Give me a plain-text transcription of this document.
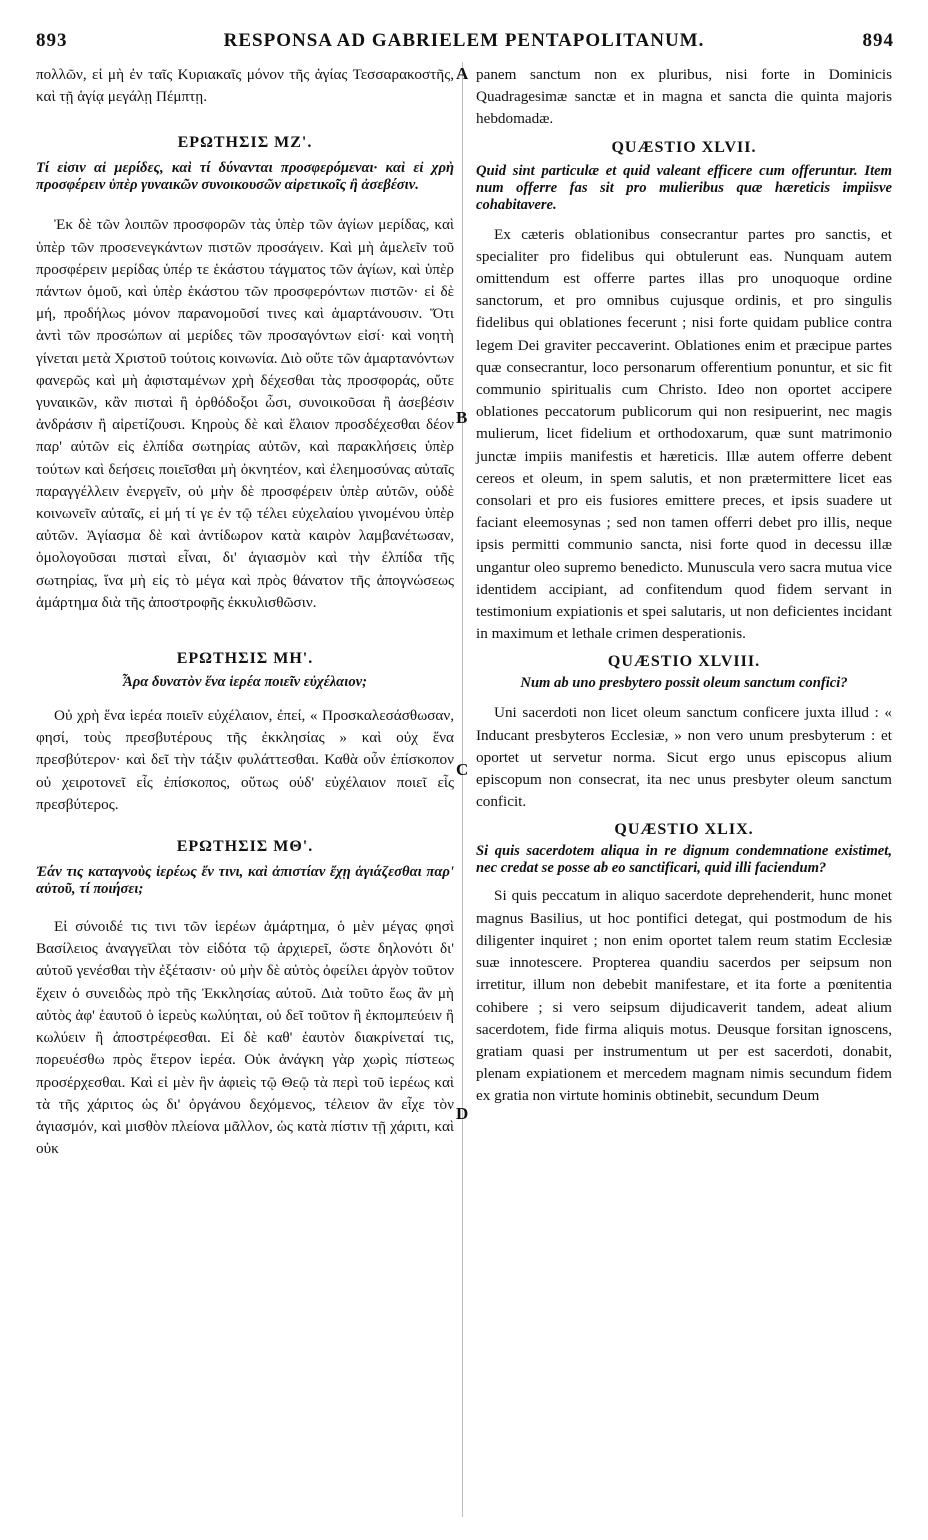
893	RESPONSA AD GABRIELEM PENTAPOLITANUM.	894
A
B
C
D

πολλῶν, εἰ μὴ ἐν ταῖς Κυριακαῖς μόνον τῆς ἁγίας Τεσσαρακοστῆς, καὶ τῇ ἁγίᾳ μεγάλῃ Πέμπτῃ.

ΕΡΩΤΗΣΙΣ ΜΖ'.

Τί εἰσιν αἱ μερίδες, καὶ τί δύνανται προσφερόμεναι· καὶ εἰ χρὴ προσφέρειν ὑπὲρ γυναικῶν συνοικουσῶν αἱρετικοῖς ἢ ἀσεβέσιν.

Ἐκ δὲ τῶν λοιπῶν προσφορῶν τὰς ὑπὲρ τῶν ἁγίων μερίδας, καὶ ὑπὲρ τῶν προσενεγκάντων πιστῶν προσάγειν. Καὶ μὴ ἀμελεῖν τοῦ προσφέρειν μερίδας ὑπέρ τε ἑκάστου τάγματος τῶν ἁγίων, καὶ ὑπὲρ πάντων ὁμοῦ, καὶ ὑπὲρ ἑκάστου τῶν προσφερόντων πιστῶν· εἰ δὲ μή, προδήλως μόνον παρανομοῦσί τινες καὶ ἁμαρτάνουσιν. Ὅτι ἀντὶ τῶν προσώπων αἱ μερίδες τῶν προσαγόντων εἰσί· καὶ νοητὴ γίνεται μετὰ Χριστοῦ τούτοις κοινωνία. Διὸ οὔτε τῶν ἁμαρτανόντων φανερῶς καὶ μὴ ἀφισταμένων χρὴ δέχεσθαι τὰς προσφοράς, οὔτε γυναικῶν, κἂν πισταὶ ἢ ὀρθόδοξοι ὦσι, συνοικοῦσαι ἢ ἀσεβέσιν ἀνδράσιν ἢ αἱρετίζουσι. Κηροὺς δὲ καὶ ἔλαιον προσδέχεσθαι δέον παρ' αὐτῶν εἰς ἐλπίδα σωτηρίας αὐτῶν, καὶ παρακλήσεις ὑπὲρ τούτων καὶ δεήσεις ποιεῖσθαι μὴ ὀκνητέον, καὶ ἐλεημοσύνας αὐταῖς παραγγέλλειν ἐνεργεῖν, οὐ μὴν δὲ προσφέρειν ὑπὲρ αὐτῶν, οὐδὲ κοινωνεῖν αὐταῖς, εἰ μή τί γε ἐν τῷ τέλει εὐχελαίου γινομένου ὑπὲρ αὐτῶν. Ἁγίασμα δὲ καὶ ἀντίδωρον κατὰ καιρὸν λαμβανέτωσαν, ὁμολογοῦσαι πισταὶ εἶναι, δι' ἁγιασμὸν καὶ τὴν ἐλπίδα τῆς σωτηρίας, ἵνα μὴ εἰς τὸ μέγα καὶ πρὸς θάνατον τῆς ἀπογνώσεως ἁμάρτημα διὰ τῆς ἀποστροφῆς ἐκκυλισθῶσιν.

ΕΡΩΤΗΣΙΣ ΜΗ'.

Ἆρα δυνατὸν ἕνα ἱερέα ποιεῖν εὐχέλαιον;

Οὐ χρὴ ἕνα ἱερέα ποιεῖν εὐχέλαιον, ἐπεί, « Προσκαλεσάσθωσαν, φησί, τοὺς πρεσβυτέρους τῆς ἐκκλησίας » καὶ οὐχ ἕνα πρεσβύτερον· καὶ δεῖ τὴν τάξιν φυλάττεσθαι. Καθὰ οὖν ἐπίσκοπον οὐ χειροτονεῖ εἷς ἐπίσκοπος, οὕτως οὐδ' εὐχέλαιον ποιεῖ εἷς πρεσβύτερος.

ΕΡΩΤΗΣΙΣ ΜΘ'.

Ἐάν τις καταγνοὺς ἱερέως ἔν τινι, καὶ ἀπιστίαν ἔχῃ ἁγιάζεσθαι παρ' αὐτοῦ, τί ποιήσει;

Εἰ σύνοιδέ τις τινι τῶν ἱερέων ἁμάρτημα, ὁ μὲν μέγας φησὶ Βασίλειος ἀναγγεῖλαι τὸν εἰδότα τῷ ἀρχιερεῖ, ὥστε δηλονότι δι' αὐτοῦ γενέσθαι τὴν ἐξέτασιν· οὐ μὴν δὲ αὐτὸς ὀφείλει ἀργὸν τοῦτον ἔχειν ὁ συνειδὼς πρὸ τῆς Ἐκκλησίας αὐτοῦ. Διὰ τοῦτο ἕως ἂν μὴ αὐτὸς ἀφ' ἑαυτοῦ ὁ ἱερεὺς κωλύηται, οὐ δεῖ τοῦτον ἢ ἐκπομπεύειν ἢ κωλύειν ἢ ἀποστρέφεσθαι. Εἰ δὲ καθ' ἑαυτὸν διακρίνεταί τις, πορευέσθω πρὸς ἕτερον ἱερέα. Οὐκ ἀνάγκη γὰρ χωρὶς πίστεως προσέρχεσθαι. Καὶ εἰ μὲν ἣν ἀφιεὶς τῷ Θεῷ τὰ περὶ τοῦ ἱερέως καὶ τὰ τῆς χάριτος ὡς δι' ὀργάνου δεχόμενος, τέλειον ἂν εἶχε τὸν ἁγιασμόν, καὶ μισθὸν πλείονα μᾶλλον, ὡς κατὰ πίστιν τῇ χάριτι, καὶ οὐκ

panem sanctum non ex pluribus, nisi forte in Dominicis Quadragesimæ sanctæ et in magna et sancta die quinta majoris hebdomadæ.

QUÆSTIO XLVII.

Quid sint particulæ et quid valeant efficere cum offeruntur. Item num offerre fas sit pro mulieribus quæ hæreticis impiisve cohabitaverе.

Ex cæteris oblationibus consecrantur partes pro sanctis, et specialiter pro fidelibus qui obtulerunt eas. Nunquam autem omittendum est offerre partes illas pro unoquoque ordine sanctorum, et pro omnibus cujusque ordinis, et pro singulis fidelibus qui oblationes fecerunt ; nisi forte quidam publice contra legem Dei graviter peccaverint. Oblationes enim et præcipue partes quæ consecrantur, loco personarum offerentium ponuntur, et sic fit communio spiritualis cum Christo. Ideo non oportet accipere oblationes peccatorum publicorum qui non resipuerint, nec magis mulierum, licet fidelium et orthodoxarum, quæ sunt matrimonio junctæ impiis manifestis et hæreticis. Illæ autem offerre debent cereos et oleum, in spem salutis, et non prætermittere licet eas consolari et pro eis fusiores emittere preces, et ipsis suadere ut faciant eleemosynas ; sed non tamen offerri debet pro illis, neque ipsis permitti communio sancta, nisi forte quod in decessu illæ ungantur oleo supremo benedicto. Munuscula vero sacra mutua vice identidem accipiant, ad confitendum quod fidem servant in testimonium expiationis et spei salutaris, ut non deficientes incidant in maximum et lethale crimen desperationis.

QUÆSTIO XLVIII.

Num ab uno presbytero possit oleum sanctum confici?

Uni sacerdoti non licet oleum sanctum conficere juxta illud : « Inducant presbyteros Ecclesiæ, » non vero unum presbyterum : et oportet ut servetur norma. Sicut ergo unus episcopus alium episcopum non consecrat, ita nec unus presbyter oleum sanctum conficit.

QUÆSTIO XLIX.

Si quis sacerdotem aliqua in re dignum condemnatione existimet, nec credat se posse ab eo sanctificari, quid illi faciendum?

Si quis peccatum in aliquo sacerdote deprehenderit, hunc monet magnus Basilius, ut hoc pontifici detegat, qui postmodum de his diligenter inquiret ; non enim oportet talem reum statim Ecclesiæ suæ innotescere. Propterea quandiu sacerdos per seipsum non irretitur, illum non debebit manifestare, et ita forte a pœnitentia cohibere ; si vero seipsum dijudicaverit tandem, adeat alium sacerdotem, fide firma aliquis motus. Deusque forsitan ignoscens, gratiam quasi per instrumentum ut per est sacerdoti, donabit, plenam expiationem et mercedem magnam nimis secundum fidem ex gratia non virtute hominis obtinebit, secundum Deum
